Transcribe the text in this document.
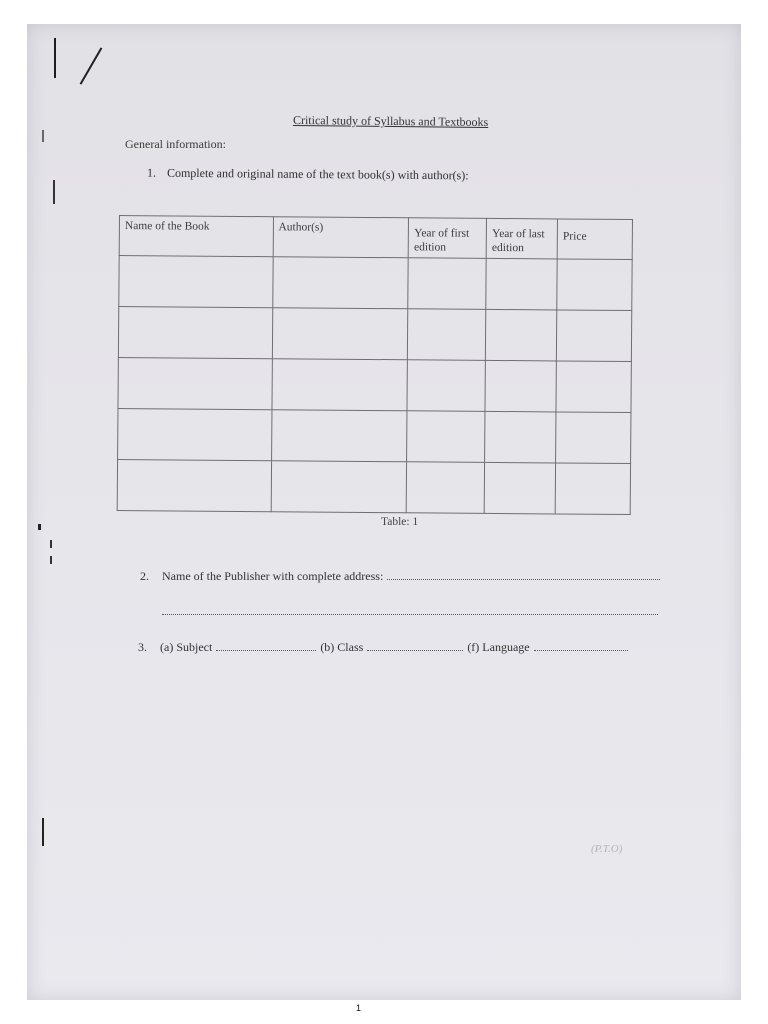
Critical study of Syllabus and Textbooks
General information:
1. Complete and original name of the text book(s) with author(s):
Name of the Book	Author(s)	Year of first edition	Year of last edition	Price

Table: 1
2.	Name of the Publisher with complete address:
3.	(a) Subject	(b) Class	(f) Language
(P.T.O)
1
